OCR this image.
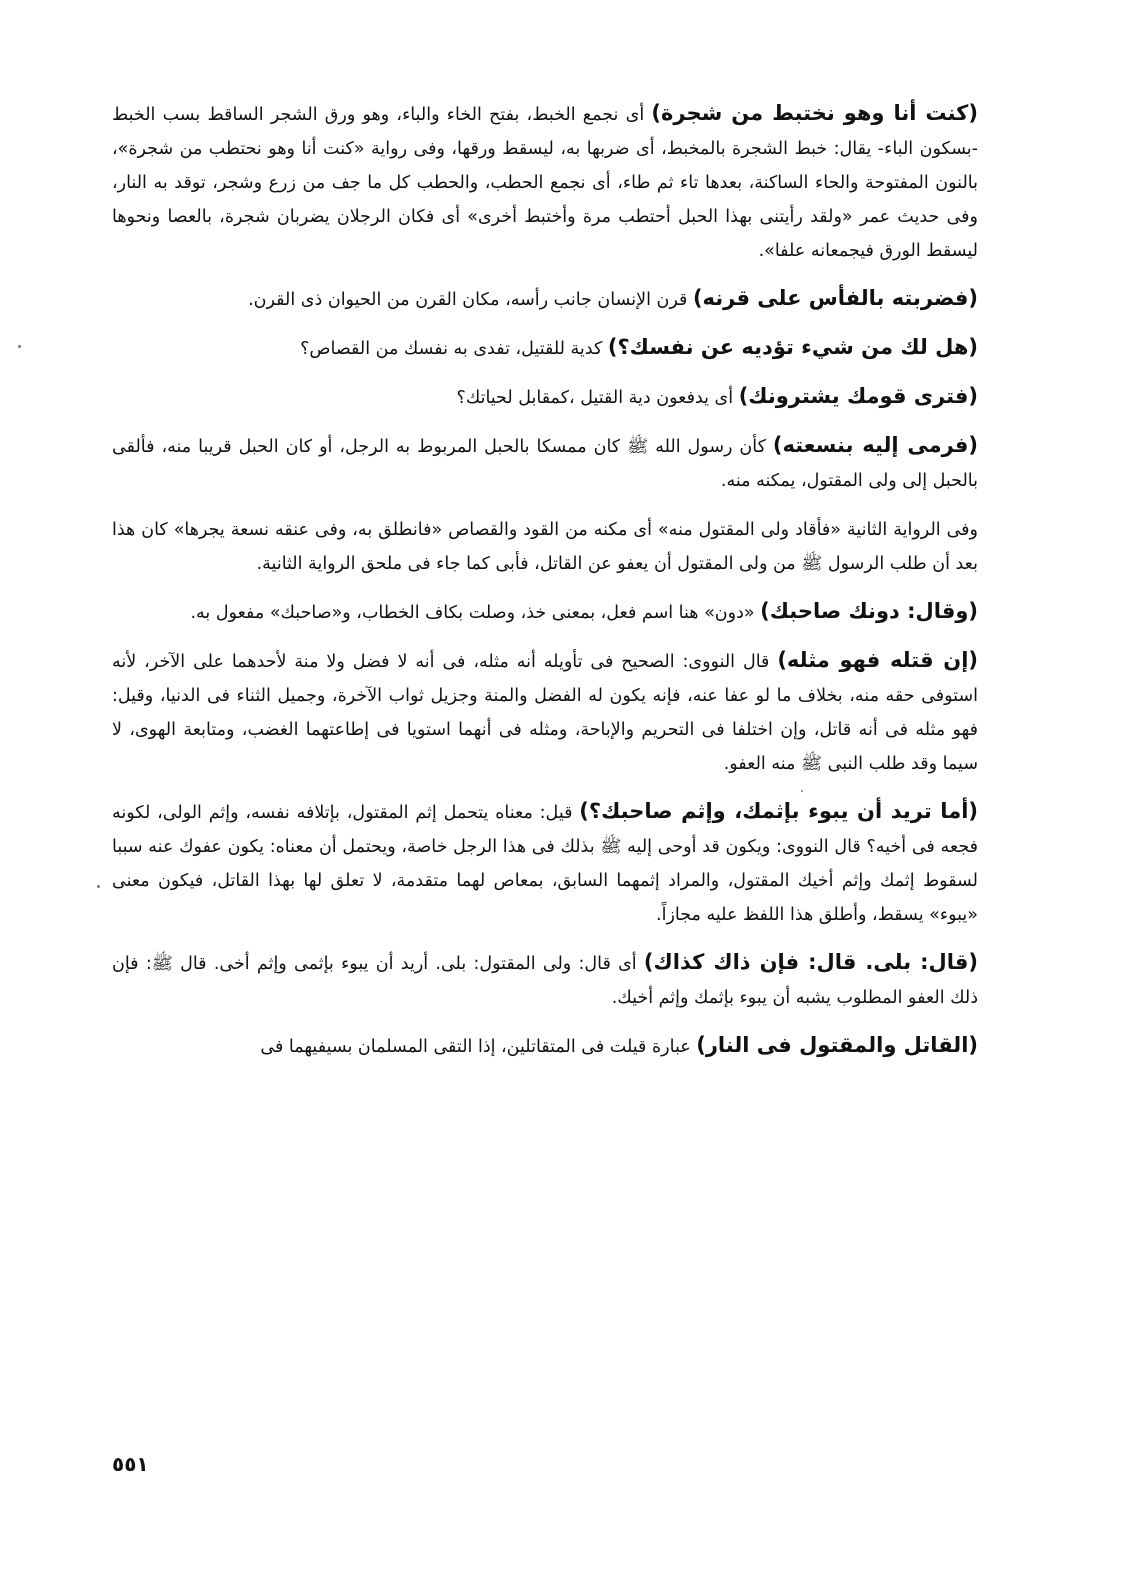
(كنت أنا وهو نختبط من شجرة) أى نجمع الخبط، بفتح الخاء والباء، وهو ورق الشجر الساقط بسب الخبط -بسكون الباء- يقال: خبط الشجرة بالمخبط، أى ضربها به، ليسقط ورقها، وفى رواية «كنت أنا وهو نحتطب من شجرة»، بالنون المفتوحة والحاء الساكنة، بعدها تاء ثم طاء، أى نجمع الحطب، والحطب كل ما جف من زرع وشجر، توقد به النار، وفى حديث عمر «ولقد رأيتنى بهذا الحبل أحتطب مرة وأختبط أخرى» أى فكان الرجلان يضربان شجرة، بالعصا ونحوها ليسقط الورق فيجمعانه علفا».

(فضربته بالفأس على قرنه) قرن الإنسان جانب رأسه، مكان القرن من الحيوان ذى القرن.

(هل لك من شيء تؤديه عن نفسك؟) كدية للقتيل، تفدى به نفسك من القصاص؟

(فترى قومك يشترونك) أى يدفعون دية القتيل ،كمقابل لحياتك؟

(فرمى إليه بنسعته) كأن رسول الله ﷺ كان ممسكا بالحبل المربوط به الرجل، أو كان الحبل قريبا منه، فألقى بالحبل إلى ولى المقتول، يمكنه منه.

وفى الرواية الثانية «فأقاد ولى المقتول منه» أى مكنه من القود والقصاص «فانطلق به، وفى عنقه نسعة يجرها» كان هذا بعد أن طلب الرسول ﷺ من ولى المقتول أن يعفو عن القاتل، فأبى كما جاء فى ملحق الرواية الثانية.

(وقال: دونك صاحبك) «دون» هنا اسم فعل، بمعنى خذ، وصلت بكاف الخطاب، و«صاحبك» مفعول به.

(إن قتله فهو مثله) قال النووى: الصحيح فى تأويله أنه مثله، فى أنه لا فضل ولا منة لأحدهما على الآخر، لأنه استوفى حقه منه، بخلاف ما لو عفا عنه، فإنه يكون له الفضل والمنة وجزيل ثواب الآخرة، وجميل الثناء فى الدنيا، وقيل: فهو مثله فى أنه قاتل، وإن اختلفا فى التحريم والإباحة، ومثله فى أنهما استويا فى إطاعتهما الغضب، ومتابعة الهوى، لا سيما وقد طلب النبى ﷺ منه العفو.

(أما تريد أن يبوء بإثمك، وإثم صاحبك؟) قيل: معناه يتحمل إثم المقتول، بإتلافه نفسه، وإثم الولى، لكونه فجعه فى أخيه؟ قال النووى: ويكون قد أوحى إليه ﷺ بذلك فى هذا الرجل خاصة، ويحتمل أن معناه: يكون عفوك عنه سببا لسقوط إثمك وإثم أخيك المقتول، والمراد إثمهما السابق، بمعاص لهما متقدمة، لا تعلق لها بهذا القاتل، فيكون معنى «يبوء» يسقط، وأطلق هذا اللفظ عليه مجازاً.

(قال: بلى. قال: فإن ذاك كذاك) أى قال: ولى المقتول: بلى. أريد أن يبوء بإثمى وإثم أخى. قال ﷺ: فإن ذلك العفو المطلوب يشبه أن يبوء بإثمك وإثم أخيك.

(القاتل والمقتول فى النار) عبارة قيلت فى المتقاتلين، إذا التقى المسلمان بسيفيهما فى

٥٥١
